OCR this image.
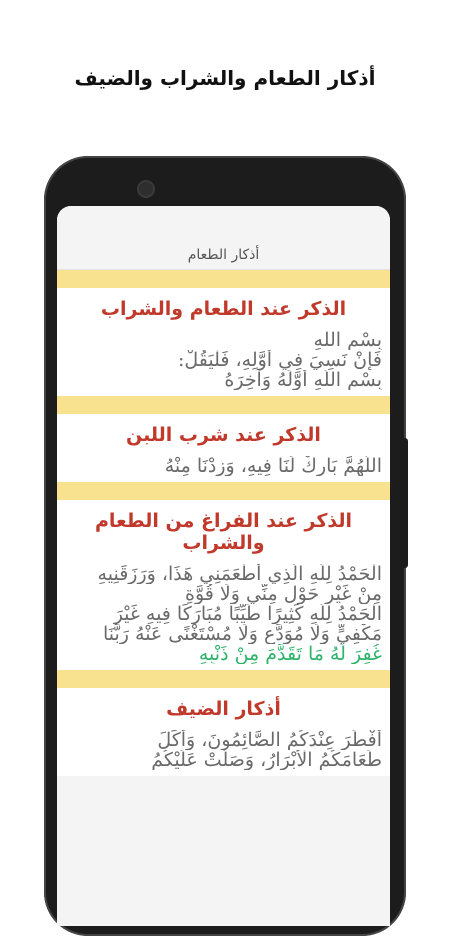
أذكار الطعام والشراب والضيف
أذكار الطعام
الذكر عند الطعام والشراب
بِسْمِ اللهِ
فَإِنْ نَسِيَ فِي أَوَّلِهِ، فَلْيَقُلْ:
بِسْمِ اللَّهِ أَوَّلَهُ وَآخِرَهُ
الذكر عند شرب اللبن
اللَّهُمَّ بَارِكْ لَنَا فِيهِ، وَزِدْنَا مِنْهُ
الذكر عند الفراغ من الطعام والشراب
الْحَمْدُ لِلَّهِ الَّذِي أَطْعَمَنِي هَذَا، وَرَزَقَنِيهِ
مِنْ غَيْرِ حَوْلٍ مِنِّي وَلَا قُوَّةٍ
الْحَمْدُ لِلَّهِ كَثِيرًا طَيِّبًا مُبَارَكًا فِيهِ غَيْرَ
مَكْفِيٍّ وَلَا مُوَدَّعٍ وَلَا مُسْتَغْنًى عَنْهُ رَبَّنَا
غُفِرَ لَهُ مَا تَقَدَّمَ مِنْ ذَنْبِهِ
أذكار الضيف
أَفْطَرَ عِنْدَكُمُ الصَّائِمُونَ، وَأَكَلَ
طَعَامَكُمُ الْأَبْرَارُ، وَصَلَّتْ عَلَيْكُمُ
